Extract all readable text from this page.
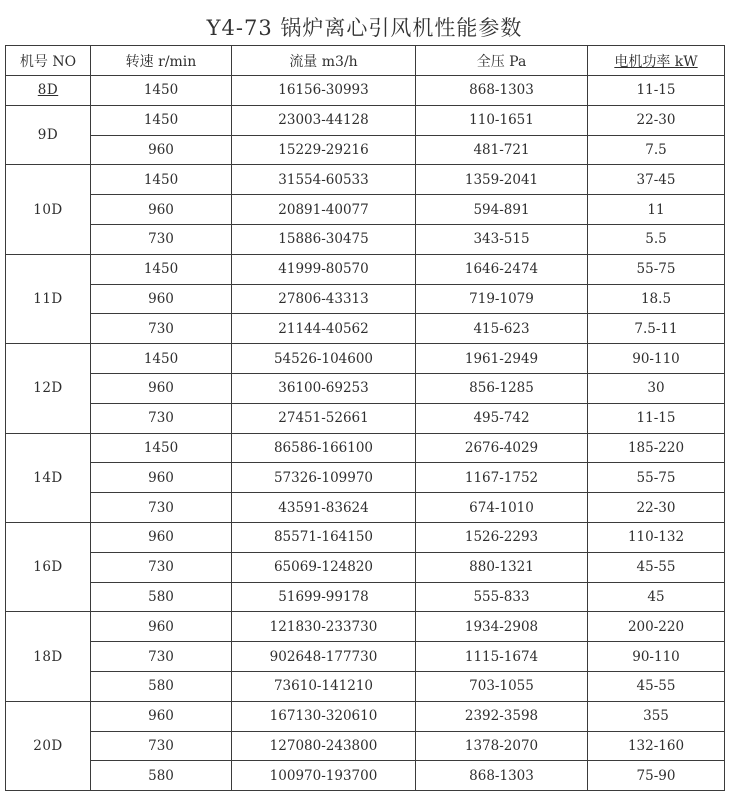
Y4-73 锅炉离心引风机性能参数
机号 NO	转速 r/min	流量 m3/h	全压 Pa	电机功率 kW
8D	1450	16156-30993	868-1303	11-15
9D	1450	23003-44128	110-1651	22-30
	960	15229-29216	481-721	7.5
10D	1450	31554-60533	1359-2041	37-45
	960	20891-40077	594-891	11
	730	15886-30475	343-515	5.5
11D	1450	41999-80570	1646-2474	55-75
	960	27806-43313	719-1079	18.5
	730	21144-40562	415-623	7.5-11
12D	1450	54526-104600	1961-2949	90-110
	960	36100-69253	856-1285	30
	730	27451-52661	495-742	11-15
14D	1450	86586-166100	2676-4029	185-220
	960	57326-109970	1167-1752	55-75
	730	43591-83624	674-1010	22-30
16D	960	85571-164150	1526-2293	110-132
	730	65069-124820	880-1321	45-55
	580	51699-99178	555-833	45
18D	960	121830-233730	1934-2908	200-220
	730	902648-177730	1115-1674	90-110
	580	73610-141210	703-1055	45-55
20D	960	167130-320610	2392-3598	355
	730	127080-243800	1378-2070	132-160
	580	100970-193700	868-1303	75-90
